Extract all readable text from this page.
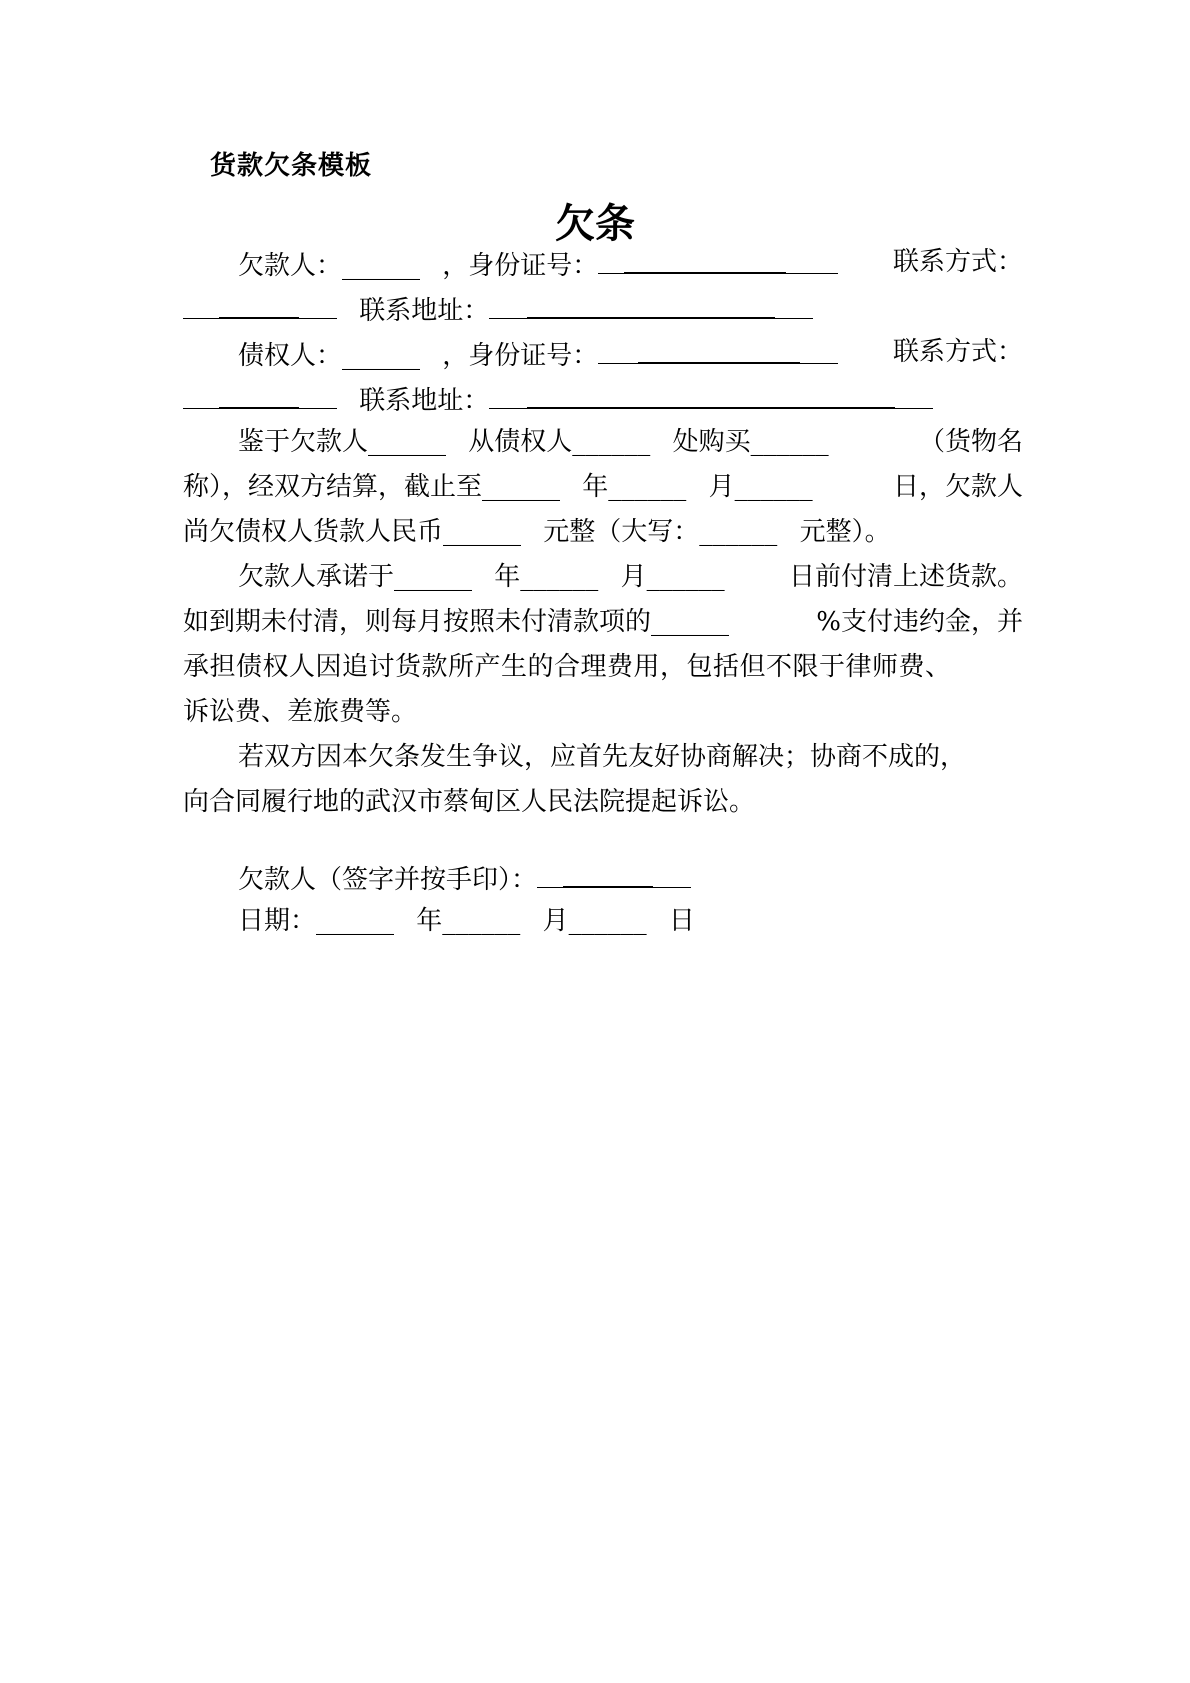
货款欠条模板
欠条
欠款人：______ ，身份证号：	联系方式：
联系地址：
债权人：______ ，身份证号：	联系方式：
联系地址：
鉴于欠款人______ 从债权人______ 处购买______	（货物名
称），经双方结算，截止至______ 年______ 月______	日，欠款人
尚欠债权人货款人民币______ 元整（大写：______ 元整）。
欠款人承诺于______ 年______ 月______ 日前付清上述货款。
如到期未付清，则每月按照未付清款项的______	%支付违约金，并
承担债权人因追讨货款所产生的合理费用，包括但不限于律师费、
诉讼费、差旅费等。
若双方因本欠条发生争议，应首先友好协商解决；协商不成的，
向合同履行地的武汉市蔡甸区人民法院提起诉讼。
欠款人（签字并按手印）：
日期：______ 年______ 月______ 日
